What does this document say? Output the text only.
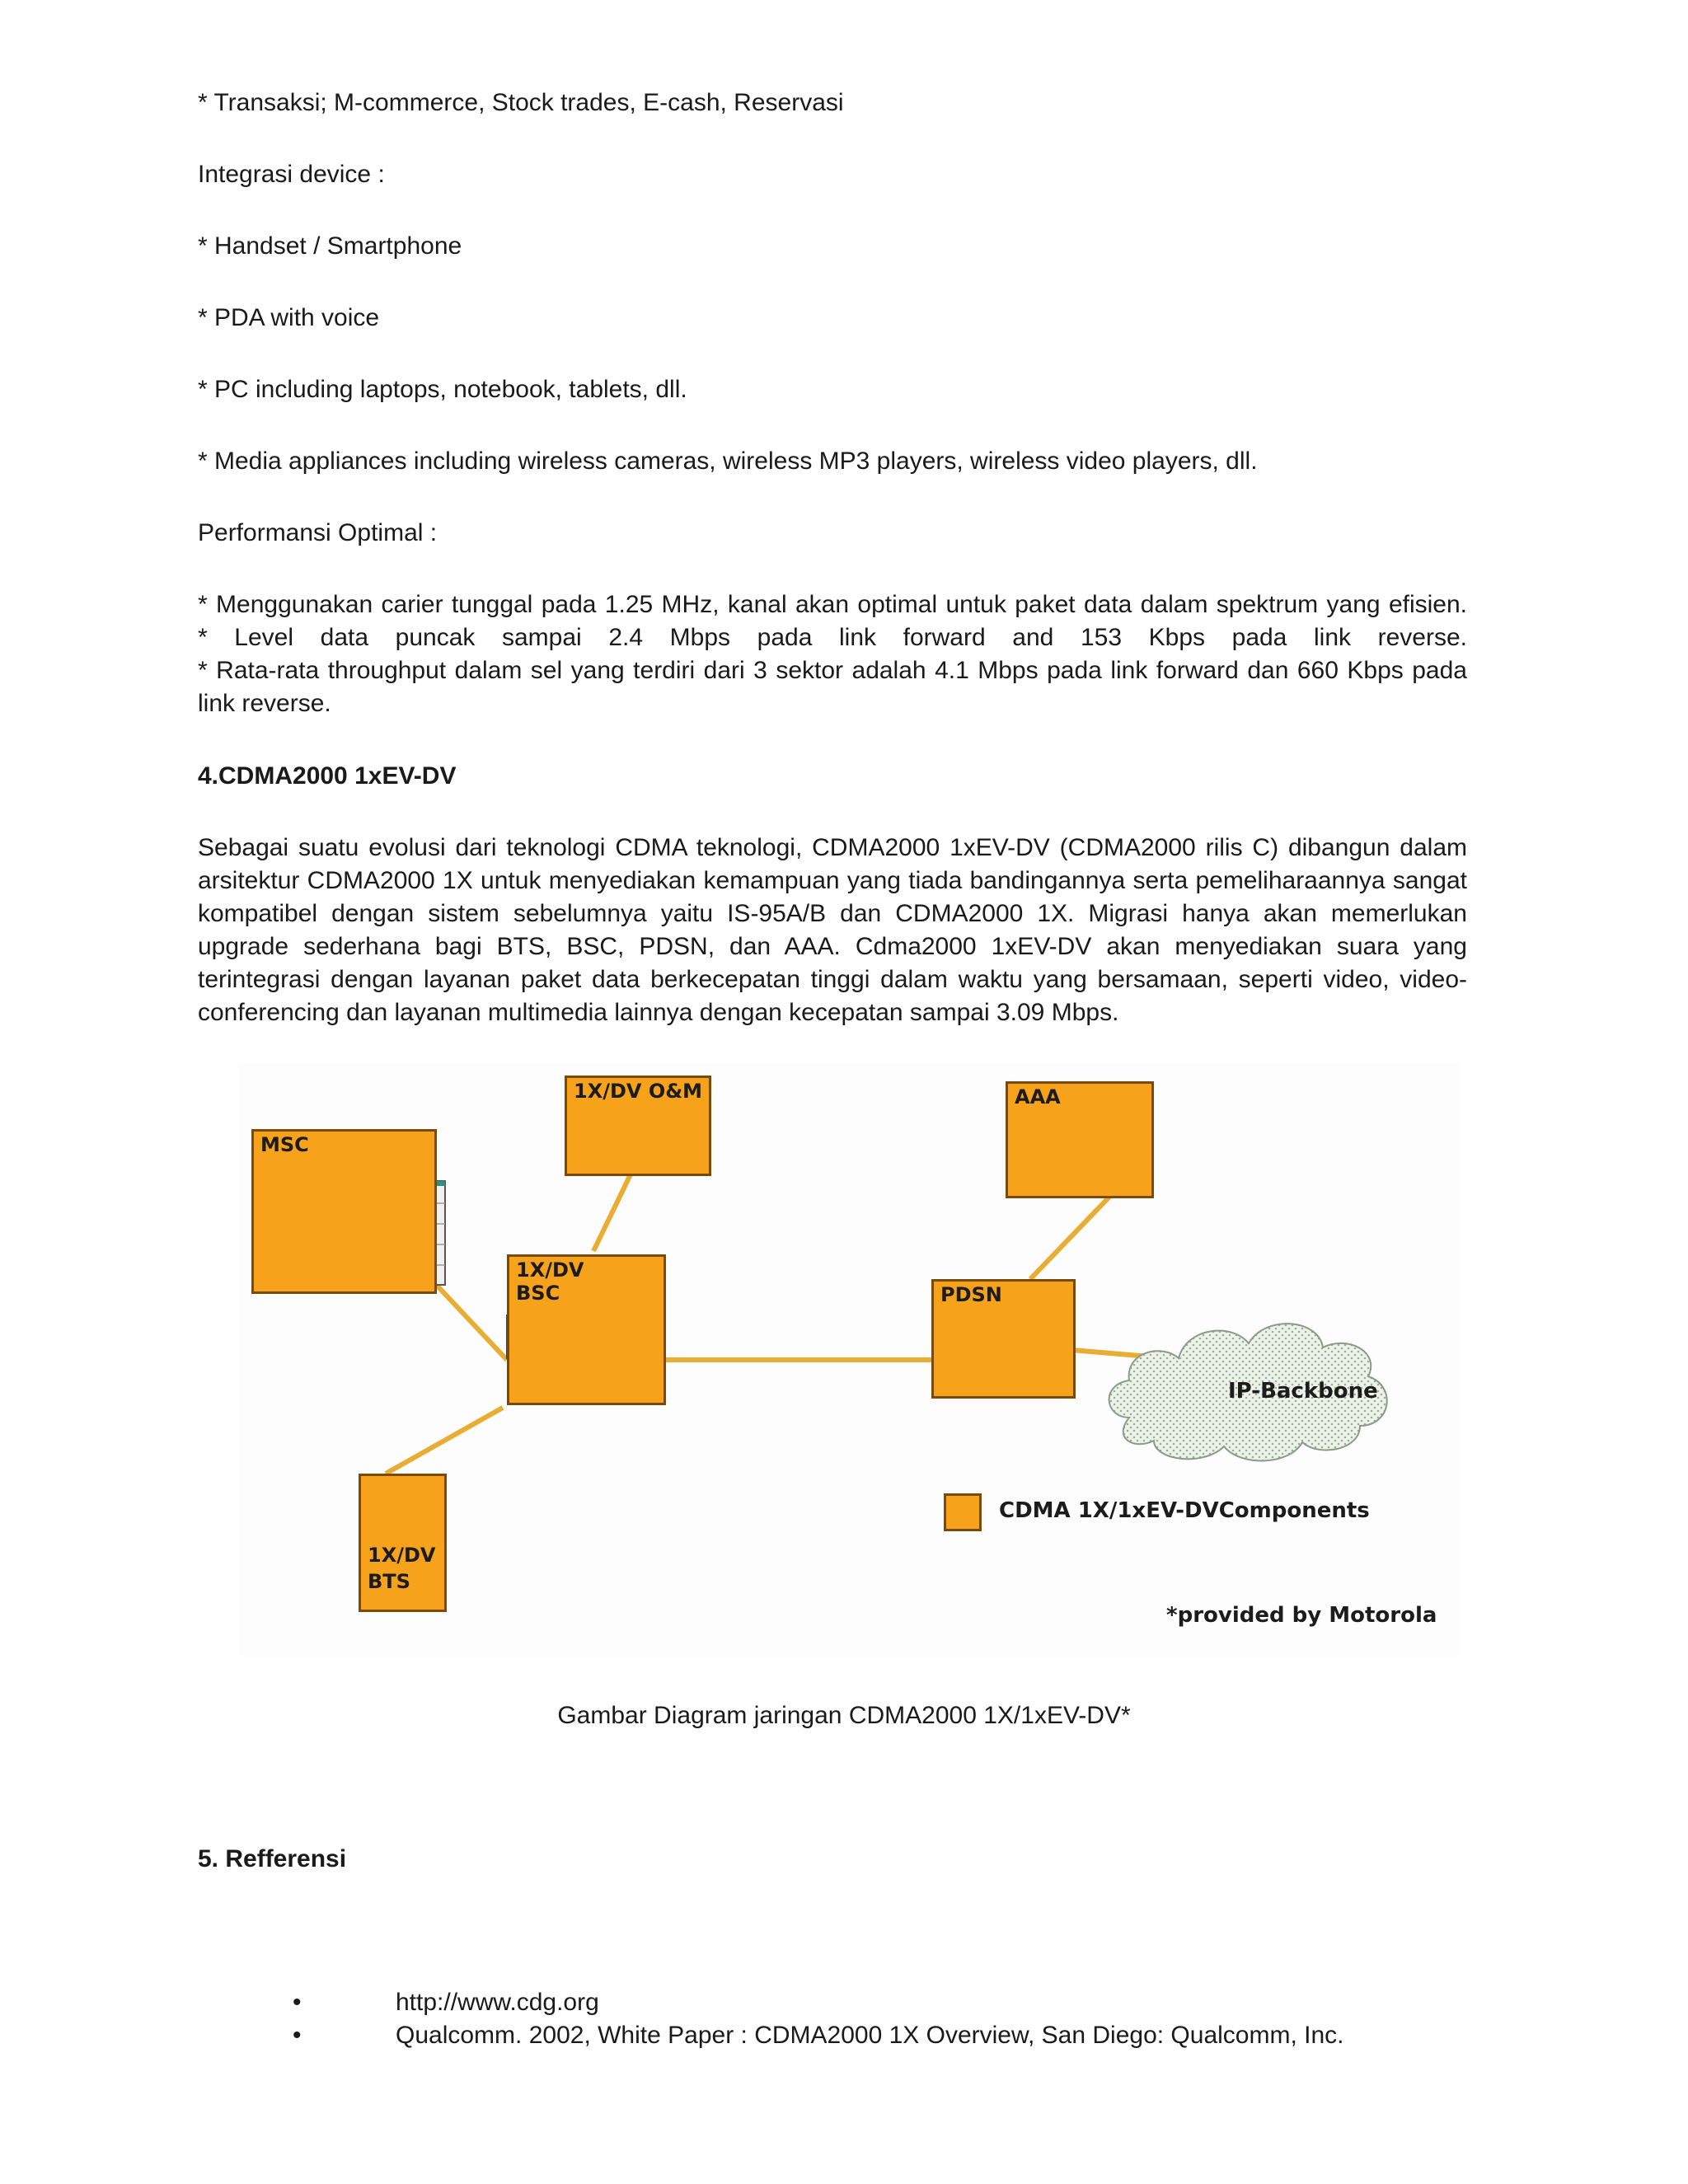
* Transaksi; M-commerce, Stock trades, E-cash, Reservasi

Integrasi device :

* Handset / Smartphone

* PDA with voice

* PC including laptops, notebook, tablets, dll.

* Media appliances including wireless cameras, wireless MP3 players, wireless video players, dll.

Performansi Optimal :

* Menggunakan carier tunggal pada 1.25 MHz, kanal akan optimal untuk paket data dalam spektrum yang efisien.

* Level data puncak sampai 2.4 Mbps pada link forward and 153 Kbps pada link reverse.

* Rata-rata throughput dalam sel yang terdiri dari 3 sektor adalah 4.1 Mbps pada link forward dan 660 Kbps pada link reverse.

4.CDMA2000 1xEV-DV

Sebagai suatu evolusi dari teknologi CDMA teknologi, CDMA2000 1xEV-DV (CDMA2000 rilis C) dibangun dalam arsitektur CDMA2000 1X untuk menyediakan kemampuan yang tiada bandingannya serta pemeliharaannya sangat kompatibel dengan sistem sebelumnya yaitu IS-95A/B dan CDMA2000 1X. Migrasi hanya akan memerlukan upgrade sederhana bagi BTS, BSC, PDSN, dan AAA. Cdma2000 1xEV-DV akan menyediakan suara yang terintegrasi dengan layanan paket data berkecepatan tinggi dalam waktu yang bersamaan, seperti video, video-conferencing dan layanan multimedia lainnya dengan kecepatan sampai 3.09 Mbps.

MSC
1X/DV O&M
1X/DV
BSC
AAA
PDSN
1X/DV
BTS
IP-Backbone
CDMA 1X/1xEV-DVComponents
*provided by Motorola

Gambar Diagram jaringan CDMA2000 1X/1xEV-DV*

5. Refferensi

•	http://www.cdg.org
•	Qualcomm. 2002, White Paper : CDMA2000 1X Overview, San Diego: Qualcomm, Inc.
